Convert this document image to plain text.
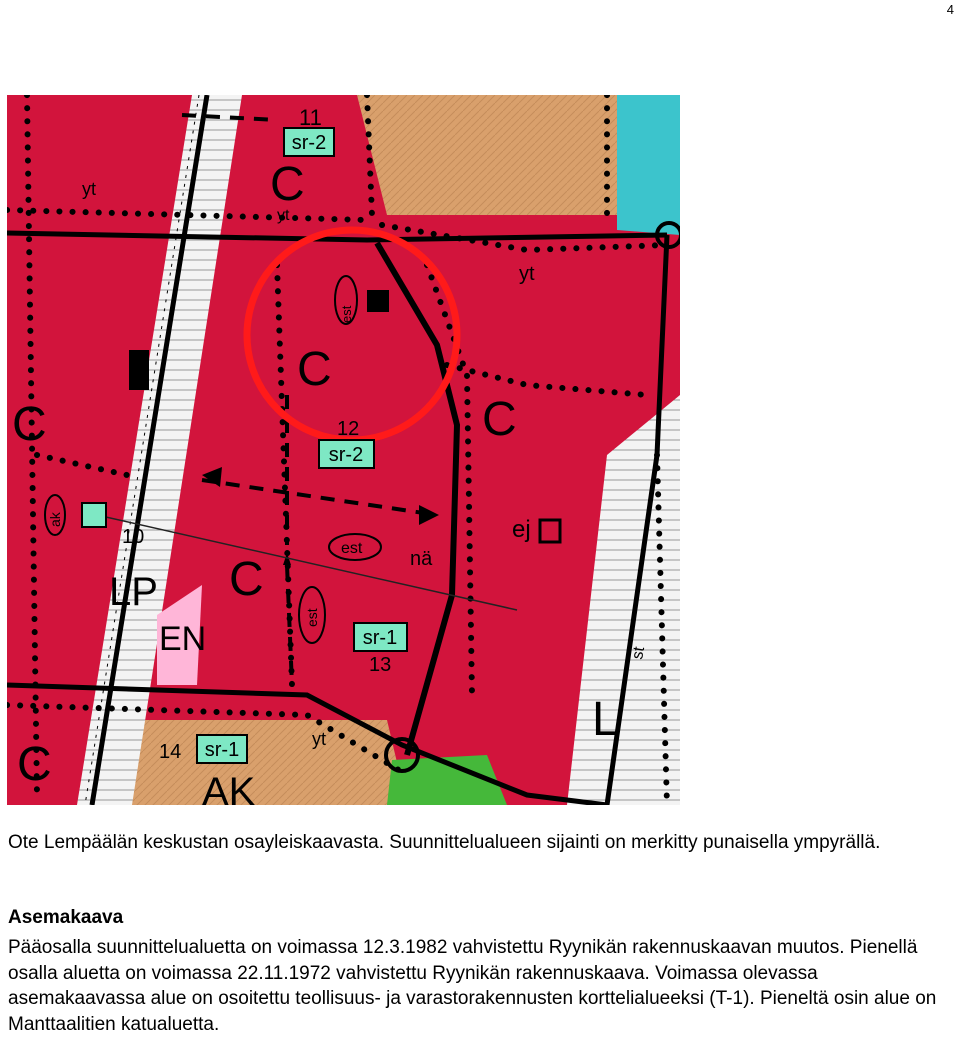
4
sr-2
sr-2
sr-1
sr-1
C
C
C
C
C
C
LP
EN
AK
L
ej
nä
11
12
13
14
10
yt
yt
yt
yt
est
est
est
ak
st
Ote Lempäälän keskustan osayleiskaavasta. Suunnittelualueen sijainti on merkitty punaisella ympyrällä.
Asemakaava

Pääosalla suunnittelualuetta on voimassa 12.3.1982 vahvistettu Ryynikän rakennuskaavan muutos. Pienellä osalla aluetta on voimassa 22.11.1972 vahvistettu Ryynikän rakennuskaava. Voimassa olevassa asemakaavassa alue on osoitettu teollisuus- ja varastorakennusten korttelialueeksi (T-1). Pieneltä osin alue on Manttaalitien katualuetta.
